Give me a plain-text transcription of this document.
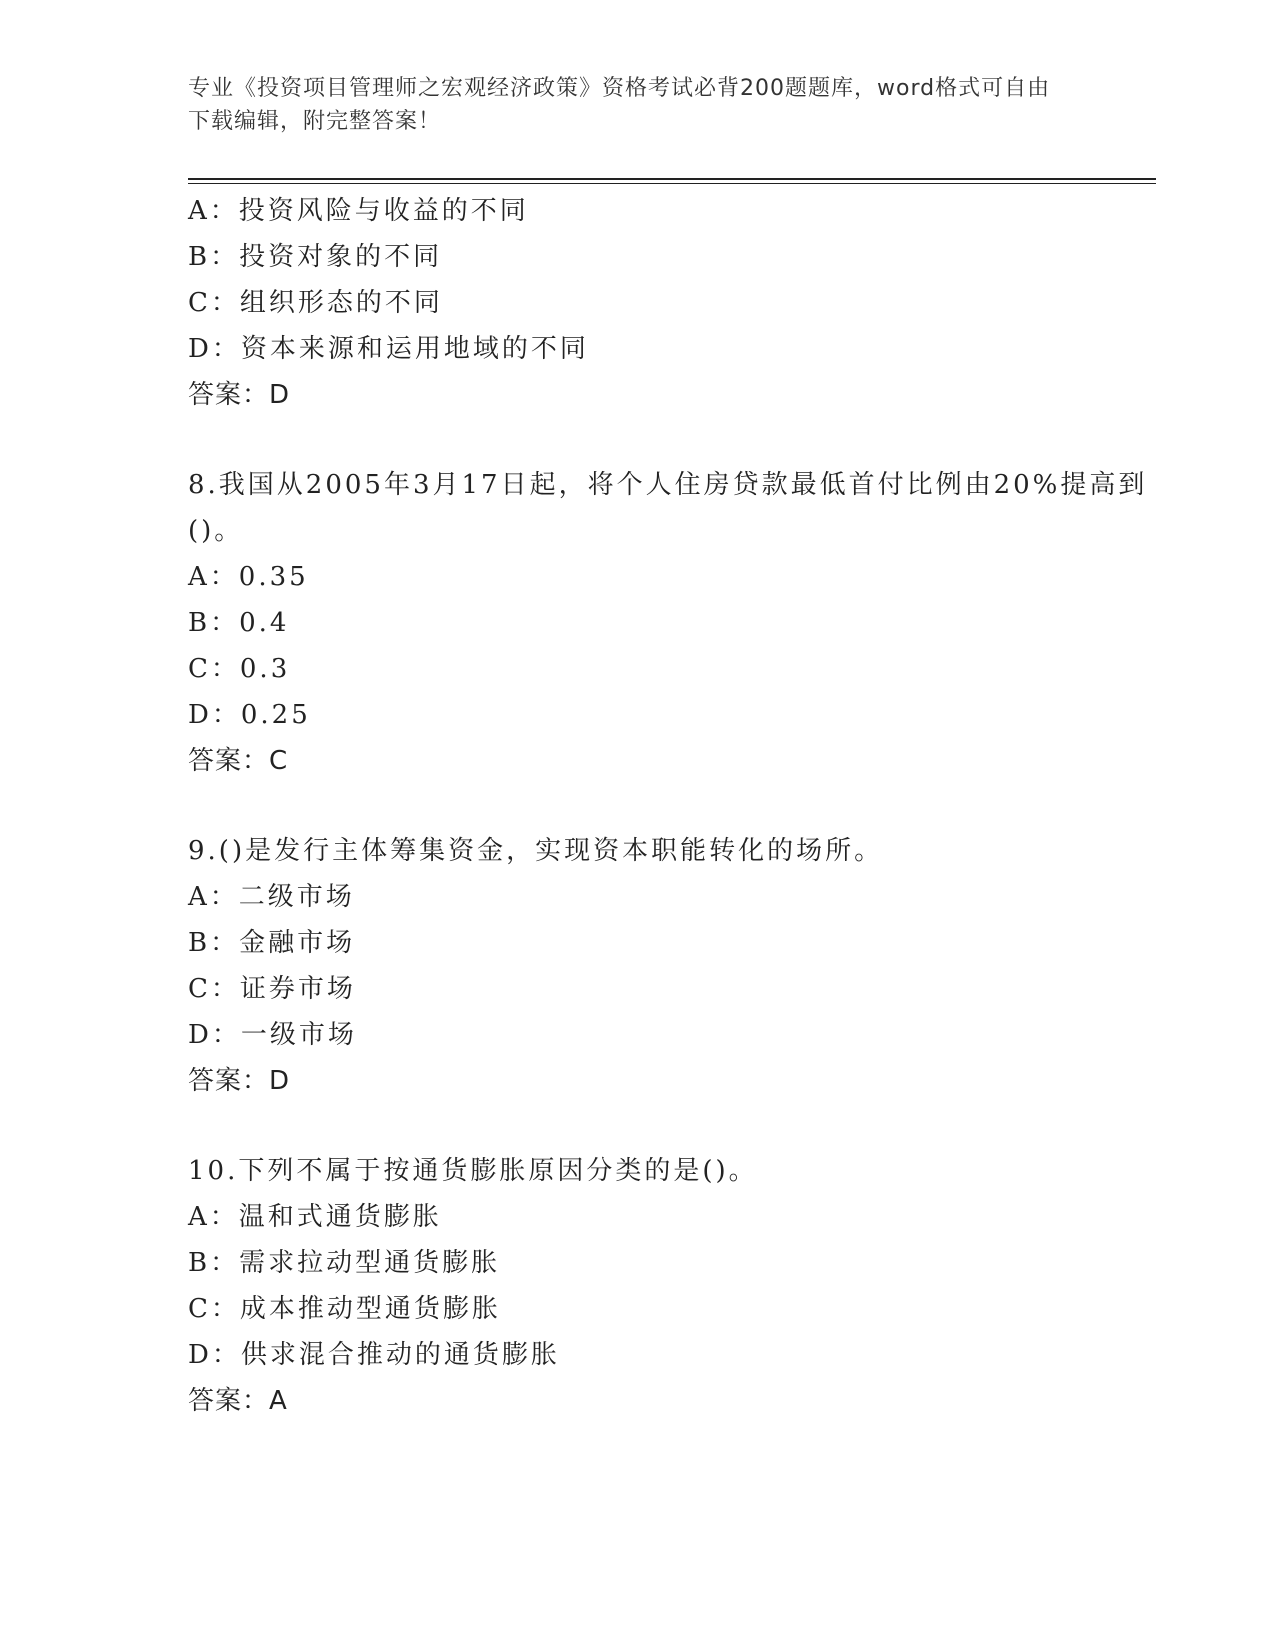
专业《投资项目管理师之宏观经济政策》资格考试必背200题题库，word格式可自由下载编辑，附完整答案！
A：投资风险与收益的不同
B：投资对象的不同
C：组织形态的不同
D：资本来源和运用地域的不同
答案：D
8.我国从2005年3月17日起，将个人住房贷款最低首付比例由20%提高到()。
A：0.35
B：0.4
C：0.3
D：0.25
答案：C
9.()是发行主体筹集资金，实现资本职能转化的场所。
A：二级市场
B：金融市场
C：证券市场
D：一级市场
答案：D
10.下列不属于按通货膨胀原因分类的是()。
A：温和式通货膨胀
B：需求拉动型通货膨胀
C：成本推动型通货膨胀
D：供求混合推动的通货膨胀
答案：A
